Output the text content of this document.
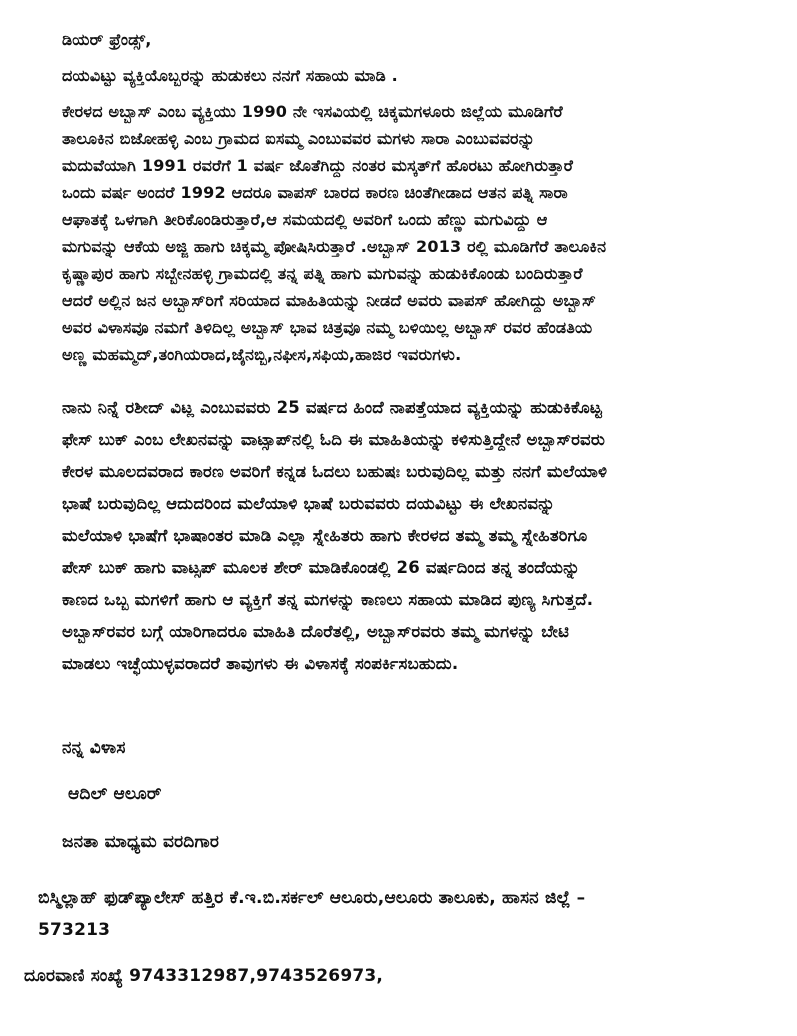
ಡಿಯರ್ ಫ್ರೆಂಡ್ಸ್,
ದಯವಿಟ್ಟು ವ್ಯಕ್ತಿಯೊಬ್ಬರನ್ನು ಹುಡುಕಲು ನನಗೆ ಸಹಾಯ ಮಾಡಿ .
ಕೇರಳದ ಅಬ್ಬಾಸ್ ಎಂಬ ವ್ಯಕ್ತಿಯು 1990 ನೇ ಇಸವಿಯಲ್ಲಿ ಚಿಕ್ಕಮಗಳೂರು ಜಿಲ್ಲೆಯ ಮೂಡಿಗೆರೆ
ತಾಲೂಕಿನ ಬಿಜೋಹಳ್ಳಿ ಎಂಬ ಗ್ರಾಮದ ಐಸಮ್ಮ ಎಂಬುವವರ ಮಗಳು ಸಾರಾ ಎಂಬುವವರನ್ನು
ಮದುವೆಯಾಗಿ 1991 ರವರೆಗೆ 1 ವರ್ಷ ಜೊತೆಗಿದ್ದು ನಂತರ ಮಸ್ಕತ್‌ಗೆ ಹೊರಟು ಹೋಗಿರುತ್ತಾರೆ
ಒಂದು ವರ್ಷ ಅಂದರೆ 1992 ಆದರೂ ವಾಪಸ್ ಬಾರದ ಕಾರಣ ಚಿಂತೆಗೀಡಾದ ಆತನ ಪತ್ನಿ ಸಾರಾ
ಆಘಾತಕ್ಕೆ ಒಳಗಾಗಿ ತೀರಿಕೊಂಡಿರುತ್ತಾರೆ,ಆ ಸಮಯದಲ್ಲಿ ಅವರಿಗೆ ಒಂದು ಹೆಣ್ಣು ಮಗುವಿದ್ದು ಆ
ಮಗುವನ್ನು ಆಕೆಯ ಅಜ್ಜಿ ಹಾಗು ಚಿಕ್ಕಮ್ಮ ಪೋಷಿಸಿರುತ್ತಾರೆ .ಅಬ್ಬಾಸ್ 2013 ರಲ್ಲಿ ಮೂಡಿಗೆರೆ ತಾಲೂಕಿನ
ಕೃಷ್ಣಾಪುರ ಹಾಗು ಸಬ್ಬೇನಹಳ್ಳಿ ಗ್ರಾಮದಲ್ಲಿ ತನ್ನ ಪತ್ನಿ ಹಾಗು ಮಗುವನ್ನು ಹುಡುಕಿಕೊಂಡು ಬಂದಿರುತ್ತಾರೆ
ಆದರೆ ಅಲ್ಲಿನ ಜನ ಅಬ್ಬಾಸ್‌ರಿಗೆ ಸರಿಯಾದ ಮಾಹಿತಿಯನ್ನು ನೀಡದೆ ಅವರು ವಾಪಸ್ ಹೋಗಿದ್ದು ಅಬ್ಬಾಸ್
ಅವರ ವಿಳಾಸವೂ ನಮಗೆ ತಿಳಿದಿಲ್ಲ ಅಬ್ಬಾಸ್ ಭಾವ ಚಿತ್ರವೂ ನಮ್ಮ ಬಳಿಯಿಲ್ಲ ಅಬ್ಬಾಸ್ ರವರ ಹೆಂಡತಿಯ
ಅಣ್ಣ ಮಹಮ್ಮದ್,ತಂಗಿಯರಾದ,ಜೈನಬ್ಬಿ,ನಫೀಸ,ಸಫಿಯ,ಹಾಜಿರ ಇವರುಗಳು.
ನಾನು ನಿನ್ನೆ ರಶೀದ್ ವಿಟ್ಲ ಎಂಬುವವರು 25 ವರ್ಷದ ಹಿಂದೆ ನಾಪತ್ತೆಯಾದ ವ್ಯಕ್ತಿಯನ್ನು ಹುಡುಕಿಕೊಟ್ಟ
ಫೇಸ್ ಬುಕ್ ಎಂಬ ಲೇಖನವನ್ನು ವಾಟ್ಸಾಪ್‌ನಲ್ಲಿ ಓದಿ ಈ ಮಾಹಿತಿಯನ್ನು ಕಳಿಸುತ್ತಿದ್ದೇನೆ ಅಬ್ಬಾಸ್‌ರವರು
ಕೇರಳ ಮೂಲದವರಾದ ಕಾರಣ ಅವರಿಗೆ ಕನ್ನಡ ಓದಲು ಬಹುಷಃ ಬರುವುದಿಲ್ಲ ಮತ್ತು ನನಗೆ ಮಲೆಯಾಳಿ
ಭಾಷೆ ಬರುವುದಿಲ್ಲ ಆದುದರಿಂದ ಮಲೆಯಾಳಿ ಭಾಷೆ ಬರುವವರು ದಯವಿಟ್ಟು ಈ ಲೇಖನವನ್ನು
ಮಲೆಯಾಳಿ ಭಾಷೆಗೆ ಭಾಷಾಂತರ ಮಾಡಿ ಎಲ್ಲಾ ಸ್ನೇಹಿತರು ಹಾಗು ಕೇರಳದ ತಮ್ಮ ತಮ್ಮ ಸ್ನೇಹಿತರಿಗೂ
ಪೇಸ್ ಬುಕ್ ಹಾಗು ವಾಟ್ಸಪ್ ಮೂಲಕ ಶೇರ್ ಮಾಡಿಕೊಂಡಲ್ಲಿ 26 ವರ್ಷದಿಂದ ತನ್ನ ತಂದೆಯನ್ನು
ಕಾಣದ ಒಬ್ಬ ಮಗಳಿಗೆ ಹಾಗು ಆ ವ್ಯಕ್ತಿಗೆ ತನ್ನ ಮಗಳನ್ನು ಕಾಣಲು ಸಹಾಯ ಮಾಡಿದ ಪುಣ್ಯ ಸಿಗುತ್ತದೆ.
ಅಬ್ಬಾಸ್‌ರವರ ಬಗ್ಗೆ ಯಾರಿಗಾದರೂ ಮಾಹಿತಿ ದೊರೆತಲ್ಲಿ, ಅಬ್ಬಾಸ್‌ರವರು ತಮ್ಮ ಮಗಳನ್ನು ಬೇಟಿ
ಮಾಡಲು ಇಚ್ಛೆಯುಳ್ಳವರಾದರೆ ತಾವುಗಳು ಈ ವಿಳಾಸಕ್ಕೆ ಸಂಪರ್ಕಿಸಬಹುದು.
ನನ್ನ ವಿಳಾಸ
ಆದಿಲ್ ಆಲೂರ್
ಜನತಾ ಮಾಧ್ಯಮ ವರದಿಗಾರ
ಬಿಸ್ಮಿಲ್ಲಾಹ್ ಫುಡ್‌ಪ್ಯಾಲೇಸ್ ಹತ್ತಿರ ಕೆ.ಇ.ಬಿ.ಸರ್ಕಲ್ ಆಲೂರು,ಆಲೂರು ತಾಲೂಕು, ಹಾಸನ ಜಿಲ್ಲೆ –
573213
ದೂರವಾಣಿ ಸಂಖ್ಯೆ 9743312987,9743526973,
